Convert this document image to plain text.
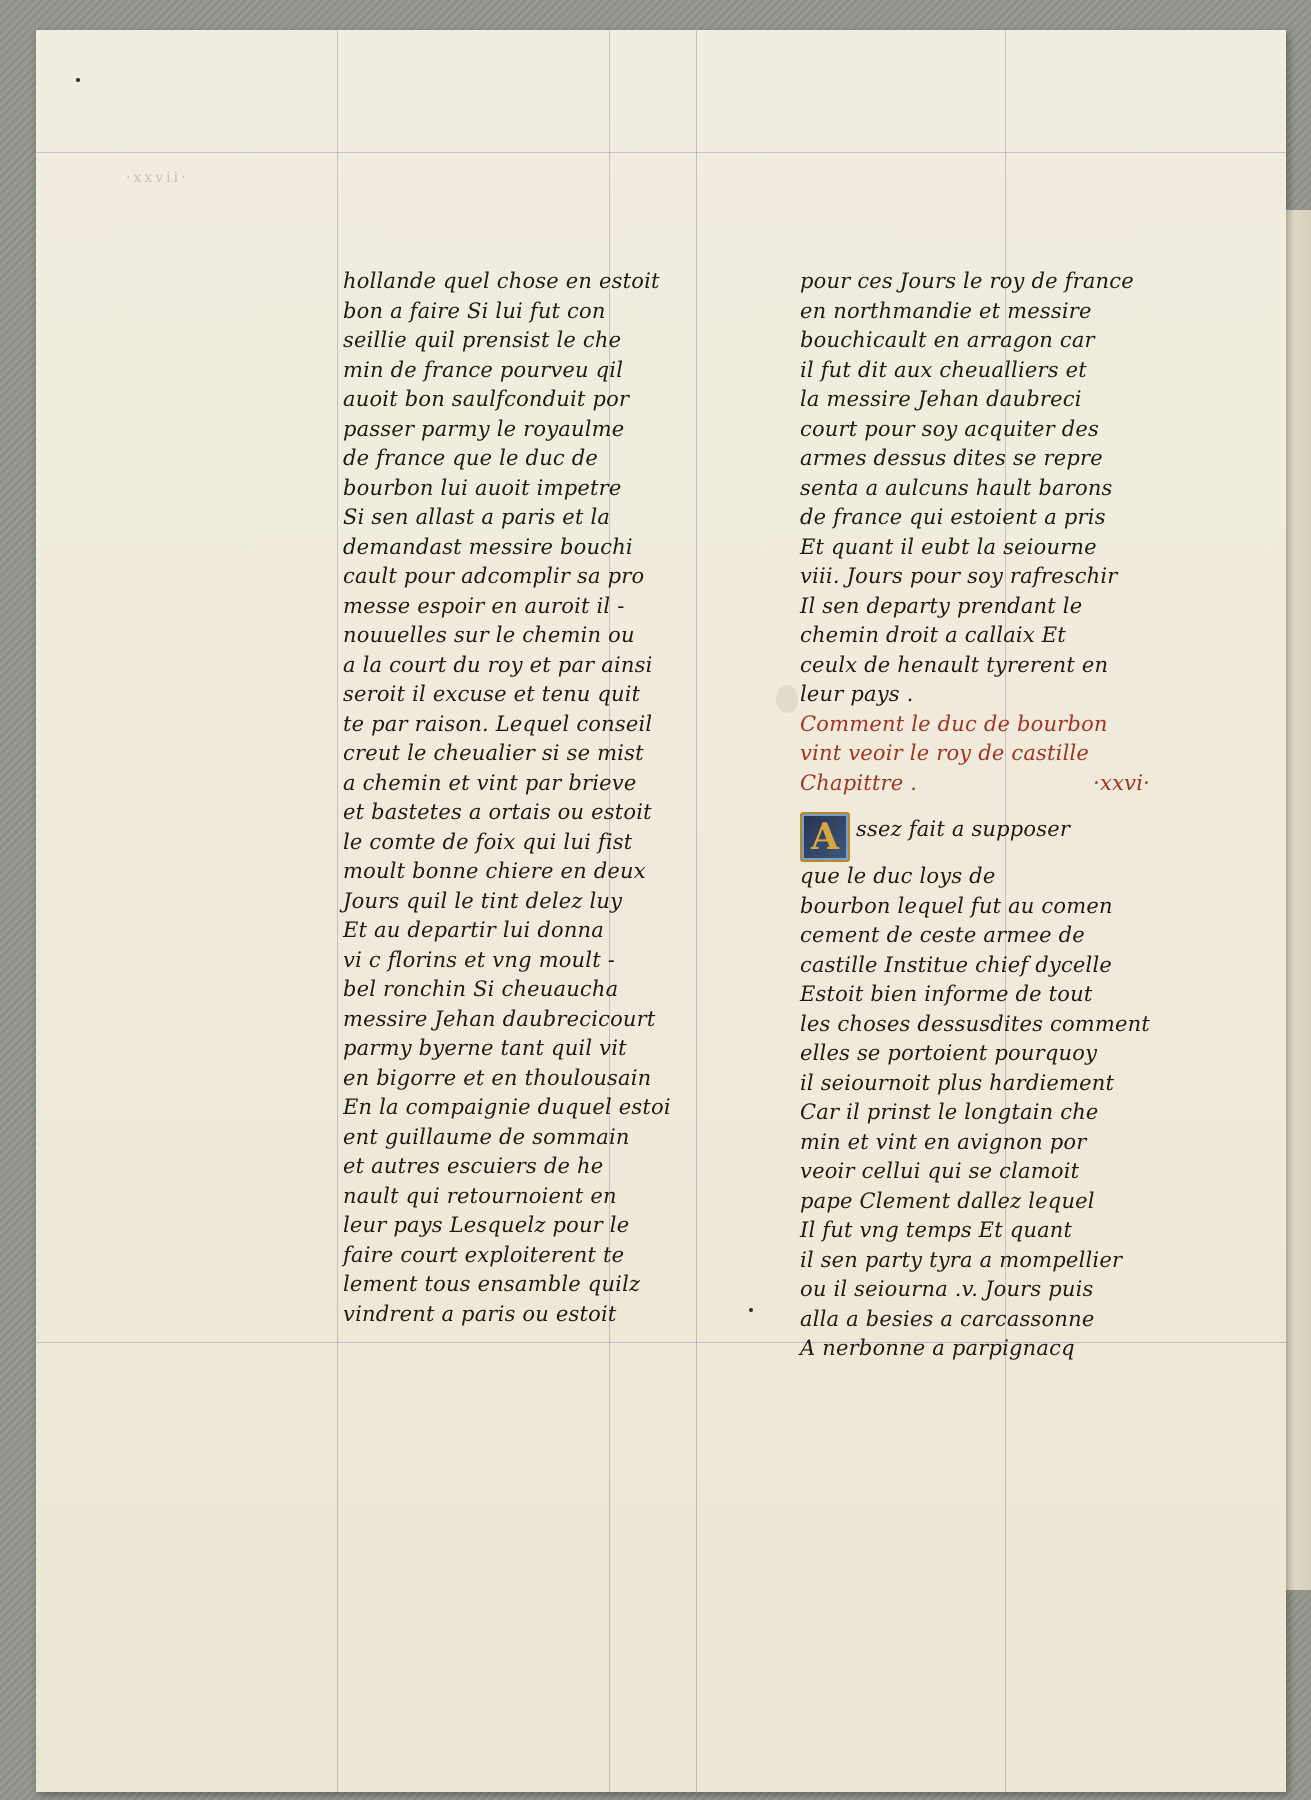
·xxvii·
hollande quel chose en estoit
bon a faire Si lui fut con
seillie quil prensist le che
min de france pourveu qil
auoit bon saulfconduit por
passer parmy le royaulme
de france que le duc de
bourbon lui auoit impetre
Si sen allast a paris et la
demandast messire bouchi
cault pour adcomplir sa pro
messe espoir en auroit il -
nouuelles sur le chemin ou
a la court du roy et par ainsi
seroit il excuse et tenu quit
te par raison. Lequel conseil
creut le cheualier si se mist
a chemin et vint par brieve
et bastetes a ortais ou estoit
le comte de foix qui lui fist
moult bonne chiere en deux
Jours quil le tint delez luy
Et au departir lui donna
vi c florins et vng moult -
bel ronchin Si cheuaucha
messire Jehan daubrecicourt
parmy byerne tant quil vit
en bigorre et en thoulousain
En la compaignie duquel estoi
ent guillaume de sommain
et autres escuiers de he
nault qui retournoient en
leur pays Lesquelz pour le
faire court exploiterent te
lement tous ensamble quilz
vindrent a paris ou estoit
pour ces Jours le roy de france
en northmandie et messire
bouchicault en arragon car
il fut dit aux cheualliers et
la messire Jehan daubreci
court pour soy acquiter des
armes dessus dites se repre
senta a aulcuns hault barons
de france qui estoient a pris
Et quant il eubt la seiourne
viii. Jours pour soy rafreschir
Il sen departy prendant le
chemin droit a callaix Et
ceulx de henault tyrerent en
leur pays .
Comment le duc de bourbon
vint veoir le roy de castille
Chapittre .	·xxvi·
A ssez fait a supposer
que le duc loys de
bourbon lequel fut au comen
cement de ceste armee de
castille Institue chief dycelle
Estoit bien informe de tout
les choses dessusdites comment
elles se portoient pourquoy
il seiournoit plus hardiement
Car il prinst le longtain che
min et vint en avignon por
veoir cellui qui se clamoit
pape Clement dallez lequel
Il fut vng temps Et quant
il sen party tyra a mompellier
ou il seiourna .v. Jours puis
alla a besies a carcassonne
A nerbonne a parpignacq
